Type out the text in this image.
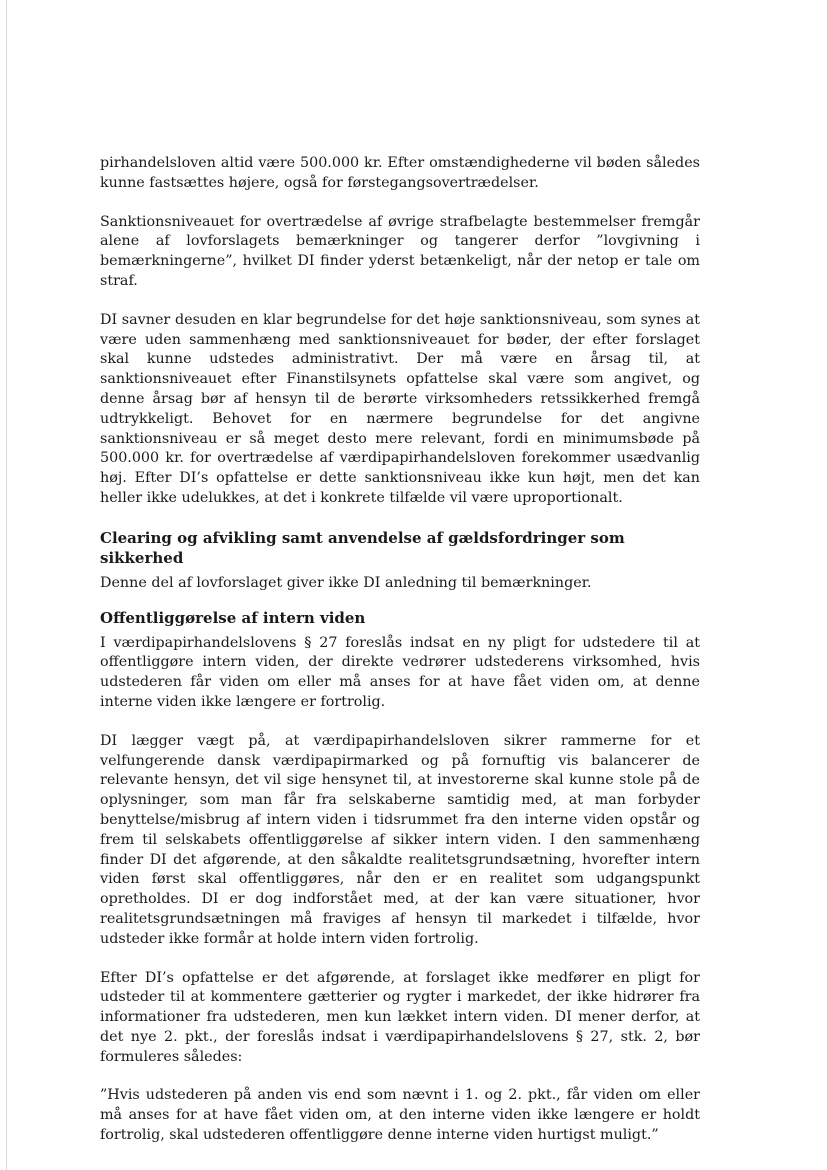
pirhandelsloven altid være 500.000 kr. Efter omstændighederne vil bøden således kunne fastsættes højere, også for førstegangsovertrædelser.

Sanktionsniveauet for overtrædelse af øvrige strafbelagte bestemmelser fremgår alene af lovforslagets bemærkninger og tangerer derfor ”lovgivning i bemærkningerne”, hvilket DI finder yderst betænkeligt, når der netop er tale om straf.

DI savner desuden en klar begrundelse for det høje sanktionsniveau, som synes at være uden sammenhæng med sanktionsniveauet for bøder, der efter forslaget skal kunne udstedes administrativt. Der må være en årsag til, at sanktionsniveauet efter Finanstilsynets opfattelse skal være som angivet, og denne årsag bør af hensyn til de berørte virksomheders retssikkerhed fremgå udtrykkeligt. Behovet for en nærmere begrundelse for det angivne sanktionsniveau er så meget desto mere relevant, fordi en minimumsbøde på 500.000 kr. for overtrædelse af værdipapirhandelsloven forekommer usædvanlig høj. Efter DI’s opfattelse er dette sanktionsniveau ikke kun højt, men det kan heller ikke udelukkes, at det i konkrete tilfælde vil være uproportionalt.

Clearing og afvikling samt anvendelse af gældsfordringer som sikkerhed

Denne del af lovforslaget giver ikke DI anledning til bemærkninger.

Offentliggørelse af intern viden

I værdipapirhandelslovens § 27 foreslås indsat en ny pligt for udstedere til at offentliggøre intern viden, der direkte vedrører udstederens virksomhed, hvis udstederen får viden om eller må anses for at have fået viden om, at denne interne viden ikke længere er fortrolig.

DI lægger vægt på, at værdipapirhandelsloven sikrer rammerne for et velfungerende dansk værdipapirmarked og på fornuftig vis balancerer de relevante hensyn, det vil sige hensynet til, at investorerne skal kunne stole på de oplysninger, som man får fra selskaberne samtidig med, at man forbyder benyttelse/misbrug af intern viden i tidsrummet fra den interne viden opstår og frem til selskabets offentliggørelse af sikker intern viden. I den sammenhæng finder DI det afgørende, at den såkaldte realitetsgrundsætning, hvorefter intern viden først skal offentliggøres, når den er en realitet som udgangspunkt opretholdes. DI er dog indforstået med, at der kan være situationer, hvor realitetsgrundsætningen må fraviges af hensyn til markedet i tilfælde, hvor udsteder ikke formår at holde intern viden fortrolig.

Efter DI’s opfattelse er det afgørende, at forslaget ikke medfører en pligt for udsteder til at kommentere gætterier og rygter i markedet, der ikke hidrører fra informationer fra udstederen, men kun lækket intern viden. DI mener derfor, at det nye 2. pkt., der foreslås indsat i værdipapirhandelslovens § 27, stk. 2, bør formuleres således:

”Hvis udstederen på anden vis end som nævnt i 1. og 2. pkt., får viden om eller må anses for at have fået viden om, at den interne viden ikke længere er holdt fortrolig, skal udstederen offentliggøre denne interne viden hurtigst muligt.”
